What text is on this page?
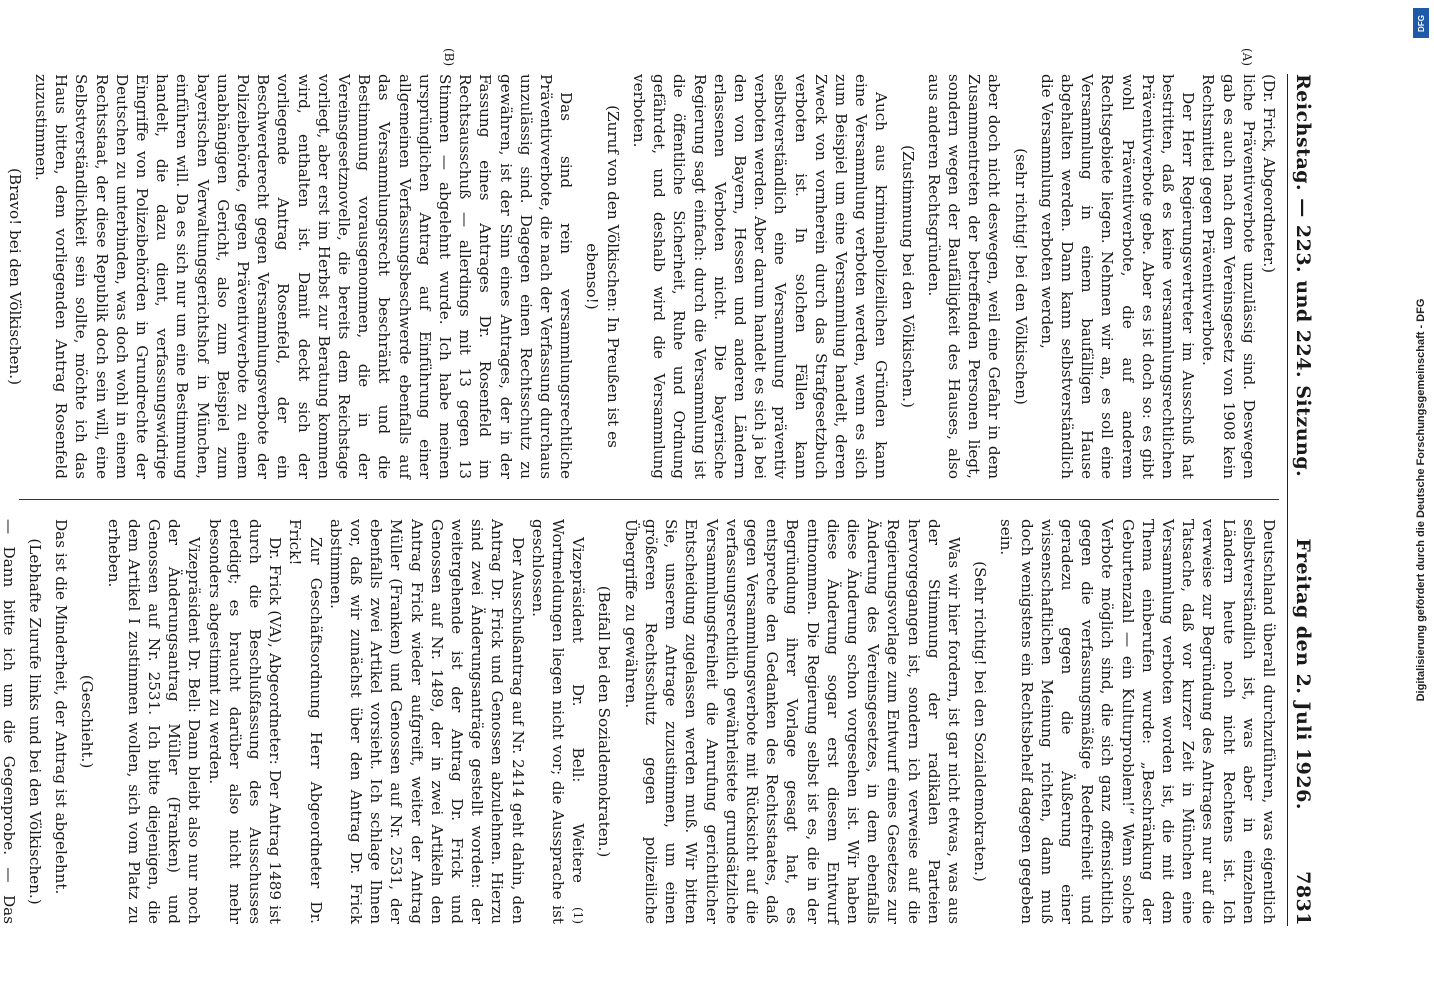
Reichstag. — 223. und 224. Sitzung.
Freitag den 2. Juli 1926.
7831
(A)
(B)

(Dr. Frick, Abgeordneter.)

liche Präventivverbote unzulässig sind. Deswegen gab es auch nach dem Vereinsgesetz von 1908 kein Rechtsmittel gegen Präventivverbote.

Der Herr Regierungsvertreter im Ausschuß hat bestritten, daß es keine versammlungsrechtlichen Präventivverbote gebe. Aber es ist doch so: es gibt wohl Präventivverbote, die auf anderem Rechtsgebiete liegen. Nehmen wir an, es soll eine Versammlung in einem baufälligen Hause abgehalten werden. Dann kann selbstverständlich die Versammlung verboten werden,

(sehr richtig! bei den Völkischen)

aber doch nicht deswegen, weil eine Gefahr in dem Zusammentreten der betreffenden Personen liegt, sondern wegen der Baufälligkeit des Hauses, also aus anderen Rechtsgründen.

(Zustimmung bei den Völkischen.)

Auch aus kriminalpolizeilichen Gründen kann eine Versammlung verboten werden, wenn es sich zum Beispiel um eine Versammlung handelt, deren Zweck von vornherein durch das Strafgesetzbuch verboten ist. In solchen Fällen kann selbstverständlich eine Versammlung präventiv verboten werden. Aber darum handelt es sich ja bei den von Bayern, Hessen und anderen Ländern erlassenen Verboten nicht. Die bayerische Regierung sagt einfach: durch die Versammlung ist die öffentliche Sicherheit, Ruhe und Ordnung gefährdet, und deshalb wird die Versammlung verboten.

(Zuruf von den Völkischen: In Preußen ist es ebenso!)

Das sind rein versammlungsrechtliche Präventivverbote, die nach der Verfassung durchaus unzulässig sind. Dagegen einen Rechtsschutz zu gewähren, ist der Sinn eines Antrages, der in der Fassung eines Antrages Dr. Rosenfeld im Rechtsausschuß — allerdings mit 13 gegen 13 Stimmen — abgelehnt wurde. Ich habe meinen ursprünglichen Antrag auf Einführung einer allgemeinen Verfassungsbeschwerde ebenfalls auf das Versammlungsrecht beschränkt und die Bestimmung vorausgenommen, die in der Vereinsgesetznovelle, die bereits dem Reichstage vorliegt, aber erst im Herbst zur Beratung kommen wird, enthalten ist. Damit deckt sich der vorliegende Antrag Rosenfeld, der ein Beschwerderecht gegen Versammlungsverbote der Polizeibehörde, gegen Präventivverbote zu einem unabhängigen Gericht, also zum Beispiel zum bayerischen Verwaltungsgerichtshof in München, einführen will. Da es sich nur um eine Bestimmung handelt, die dazu dient, verfassungswidrige Eingriffe von Polizeibehörden in Grundrechte der Deutschen zu unterbinden, was doch wohl in einem Rechtsstaat, der diese Republik doch sein will, eine Selbstverständlichkeit sein sollte, möchte ich das Haus bitten, dem vorliegenden Antrag Rosenfeld zuzustimmen.

(Bravo! bei den Völkischen.)

Deutschland überall durchzuführen, was eigentlich selbstverständlich ist, was aber in einzelnen Ländern heute noch nicht Rechtens ist. Ich verweise zur Begründung des Antrages nur auf die Tatsache, daß vor kurzer Zeit in München eine Versammlung verboten worden ist, die mit dem Thema einberufen wurde: „Beschränkung der Geburtenzahl — ein Kulturproblem!“ Wenn solche Verbote möglich sind, die sich ganz offensichtlich gegen die verfassungsmäßige Redefreiheit und geradezu gegen die Äußerung einer wissenschaftlichen Meinung richten, dann muß doch wenigstens ein Rechtsbehelf dagegen gegeben sein.

(Sehr richtig! bei den Sozialdemokraten.)

Was wir hier fordern, ist gar nicht etwas, was aus der Stimmung der radikalen Parteien hervorgegangen ist, sondern ich verweise auf die Regierungsvorlage zum Entwurf eines Gesetzes zur Änderung des Vereinsgesetzes, in dem ebenfalls diese Änderung schon vorgesehen ist. Wir haben diese Änderung sogar erst diesem Entwurf entnommen. Die Regierung selbst ist es, die in der Begründung ihrer Vorlage gesagt hat, es entspreche den Gedanken des Rechtsstaates, daß gegen Versammlungsverbote mit Rücksicht auf die verfassungsrechtlich gewährleistete grundsätzliche Versammlungsfreiheit die Anrufung gerichtlicher Entscheidung zugelassen werden muß. Wir bitten Sie, unserem Antrage zuzustimmen, um einen größeren Rechtsschutz gegen polizeiliche Übergriffe zu gewähren.

(Beifall bei den Sozialdemokraten.)

(1)
Vizepräsident Dr. Bell: Weitere Wortmeldungen liegen nicht vor; die Aussprache ist geschlossen.

Der Ausschußantrag auf Nr. 2414 geht dahin, den Antrag Dr. Frick und Genossen abzulehnen. Hierzu sind zwei Änderungsanträge gestellt worden: der weitergehende ist der Antrag Dr. Frick und Genossen auf Nr. 1489, der in zwei Artikeln den Antrag Frick wieder aufgreift, weiter der Antrag Müller (Franken) und Genossen auf Nr. 2531, der ebenfalls zwei Artikel vorsieht. Ich schlage Ihnen vor, daß wir zunächst über den Antrag Dr. Frick abstimmen.

Zur Geschäftsordnung Herr Abgeordneter Dr. Frick!

Dr. Frick (VA), Abgeordneter: Der Antrag 1489 ist durch die Beschlußfassung des Ausschusses erledigt; es braucht darüber also nicht mehr besonders abgestimmt zu werden.

Vizepräsident Dr. Bell: Dann bleibt also nur noch der Änderungsantrag Müller (Franken) und Genossen auf Nr. 2531. Ich bitte diejenigen, die dem Artikel I zustimmen wollen, sich vom Platz zu erheben.

(Geschieht.)

Das ist die Minderheit, der Antrag ist abgelehnt.

(Lebhafte Zurufe links und bei den Völkischen.)

— Dann bitte ich um die Gegenprobe. — Das

DFG
Digitalisierung gefördert durch die Deutsche Forschungsgemeinschaft - DFG
